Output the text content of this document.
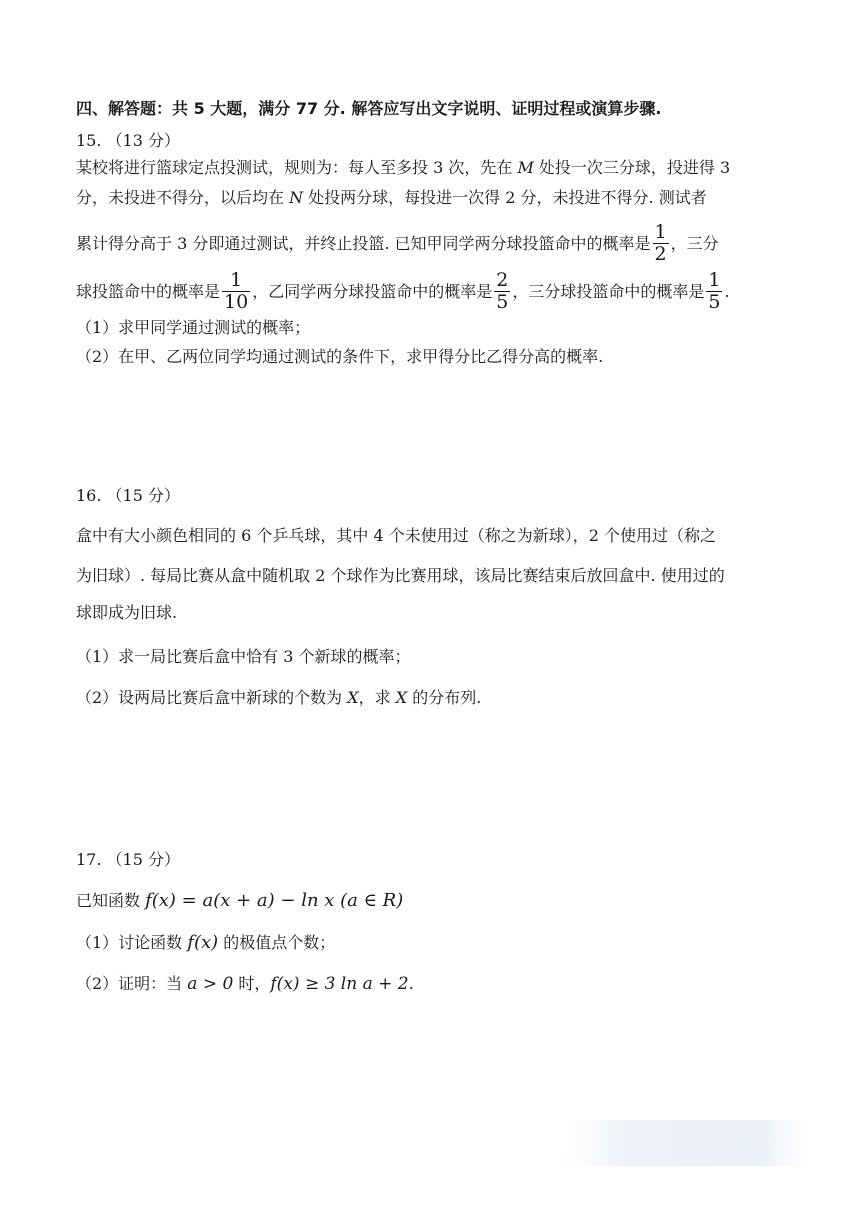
四、解答题：共 5 大题，满分 77 分. 解答应写出文字说明、证明过程或演算步骤.
15. （13 分）
某校将进行篮球定点投测试，规则为：每人至多投 3 次，先在 M 处投一次三分球，投进得 3
分，未投进不得分，以后均在 N 处投两分球，每投进一次得 2 分，未投进不得分. 测试者
累计得分高于 3 分即通过测试，并终止投篮. 已知甲同学两分球投篮命中的概率是 $\frac{1}{2}$ ，三分
球投篮命中的概率是 $\frac{1}{10}$ ，乙同学两分球投篮命中的概率是 $\frac{2}{5}$ ，三分球投篮命中的概率是 $\frac{1}{5}$ .
（1）求甲同学通过测试的概率；
（2）在甲、乙两位同学均通过测试的条件下，求甲得分比乙得分高的概率.
16. （15 分）
盒中有大小颜色相同的 6 个乒乓球，其中 4 个未使用过（称之为新球），2 个使用过（称之
为旧球）. 每局比赛从盒中随机取 2 个球作为比赛用球，该局比赛结束后放回盒中. 使用过的
球即成为旧球.
（1）求一局比赛后盒中恰有 3 个新球的概率；
（2）设两局比赛后盒中新球的个数为 X，求 X 的分布列.
17. （15 分）
已知函数 f(x) = a(x + a) − ln x (a ∈ R)
（1）讨论函数 f(x) 的极值点个数；
（2）证明：当 a > 0 时，f(x) ≥ 3 ln a + 2.
